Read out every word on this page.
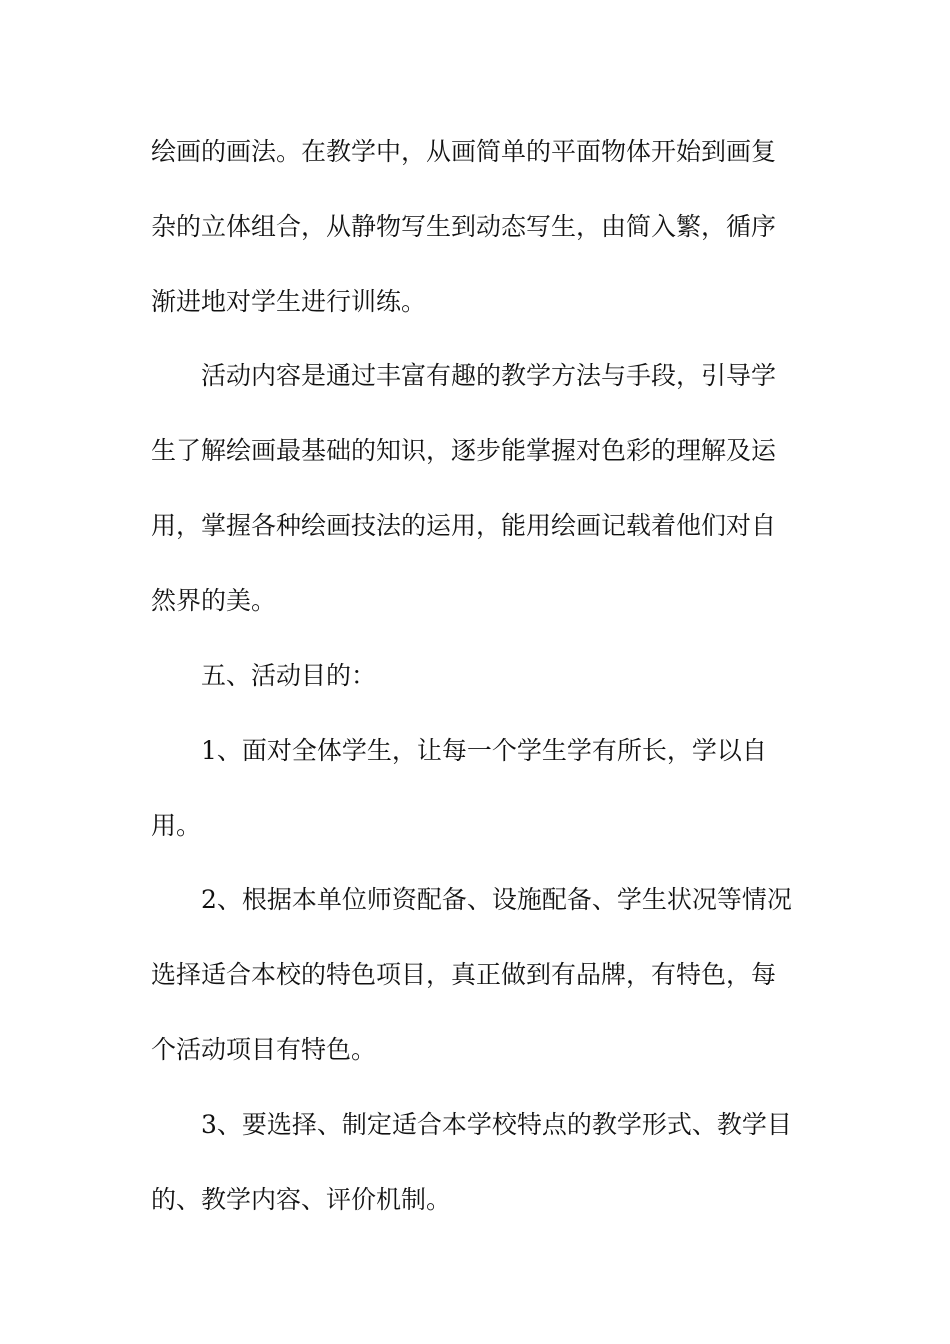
绘画的画法。在教学中，从画简单的平面物体开始到画复
杂的立体组合，从静物写生到动态写生，由简入繁，循序
渐进地对学生进行训练。
活动内容是通过丰富有趣的教学方法与手段，引导学
生了解绘画最基础的知识，逐步能掌握对色彩的理解及运
用，掌握各种绘画技法的运用，能用绘画记载着他们对自
然界的美。
五、活动目的：
1、面对全体学生，让每一个学生学有所长，学以自
用。
2、根据本单位师资配备、设施配备、学生状况等情况
选择适合本校的特色项目，真正做到有品牌，有特色，每
个活动项目有特色。
3、要选择、制定适合本学校特点的教学形式、教学目
的、教学内容、评价机制。
